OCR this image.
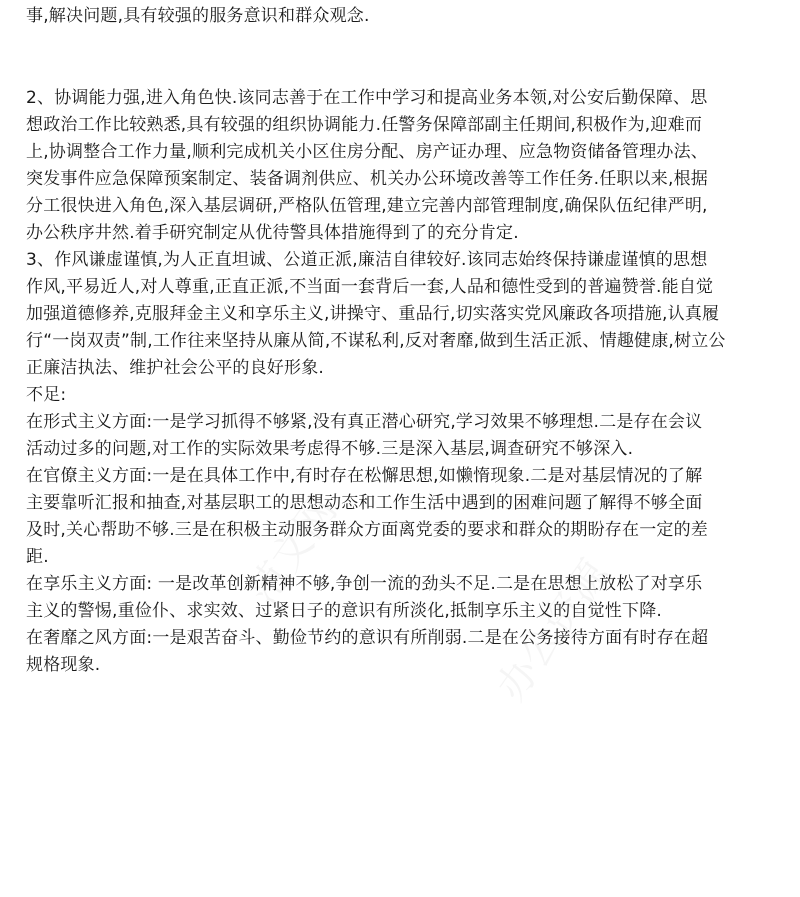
范文网
办公资源
事,解决问题,具有较强的服务意识和群众观念.
2、协调能力强,进入角色快.该同志善于在工作中学习和提高业务本领,对公安后勤保障、思
想政治工作比较熟悉,具有较强的组织协调能力.任警务保障部副主任期间,积极作为,迎难而
上,协调整合工作力量,顺利完成机关小区住房分配、房产证办理、应急物资储备管理办法、
突发事件应急保障预案制定、装备调剂供应、机关办公环境改善等工作任务.任职以来,根据
分工很快进入角色,深入基层调研,严格队伍管理,建立完善内部管理制度,确保队伍纪律严明,
办公秩序井然.着手研究制定从优待警具体措施得到了的充分肯定.
3、作风谦虚谨慎,为人正直坦诚、公道正派,廉洁自律较好.该同志始终保持谦虚谨慎的思想
作风,平易近人,对人尊重,正直正派,不当面一套背后一套,人品和德性受到的普遍赞誉.能自觉
加强道德修养,克服拜金主义和享乐主义,讲操守、重品行,切实落实党风廉政各项措施,认真履
行“一岗双责”制,工作往来坚持从廉从简,不谋私利,反对奢靡,做到生活正派、情趣健康,树立公
正廉洁执法、维护社会公平的良好形象.
不足:
在形式主义方面:一是学习抓得不够紧,没有真正潜心研究,学习效果不够理想.二是存在会议
活动过多的问题,对工作的实际效果考虑得不够.三是深入基层,调查研究不够深入.
在官僚主义方面:一是在具体工作中,有时存在松懈思想,如懒惰现象.二是对基层情况的了解
主要靠听汇报和抽查,对基层职工的思想动态和工作生活中遇到的困难问题了解得不够全面
及时,关心帮助不够.三是在积极主动服务群众方面离党委的要求和群众的期盼存在一定的差
距.
在享乐主义方面: 一是改革创新精神不够,争创一流的劲头不足.二是在思想上放松了对享乐
主义的警惕,重俭仆、求实效、过紧日子的意识有所淡化,抵制享乐主义的自觉性下降.
在奢靡之风方面:一是艰苦奋斗、勤俭节约的意识有所削弱.二是在公务接待方面有时存在超
规格现象.
